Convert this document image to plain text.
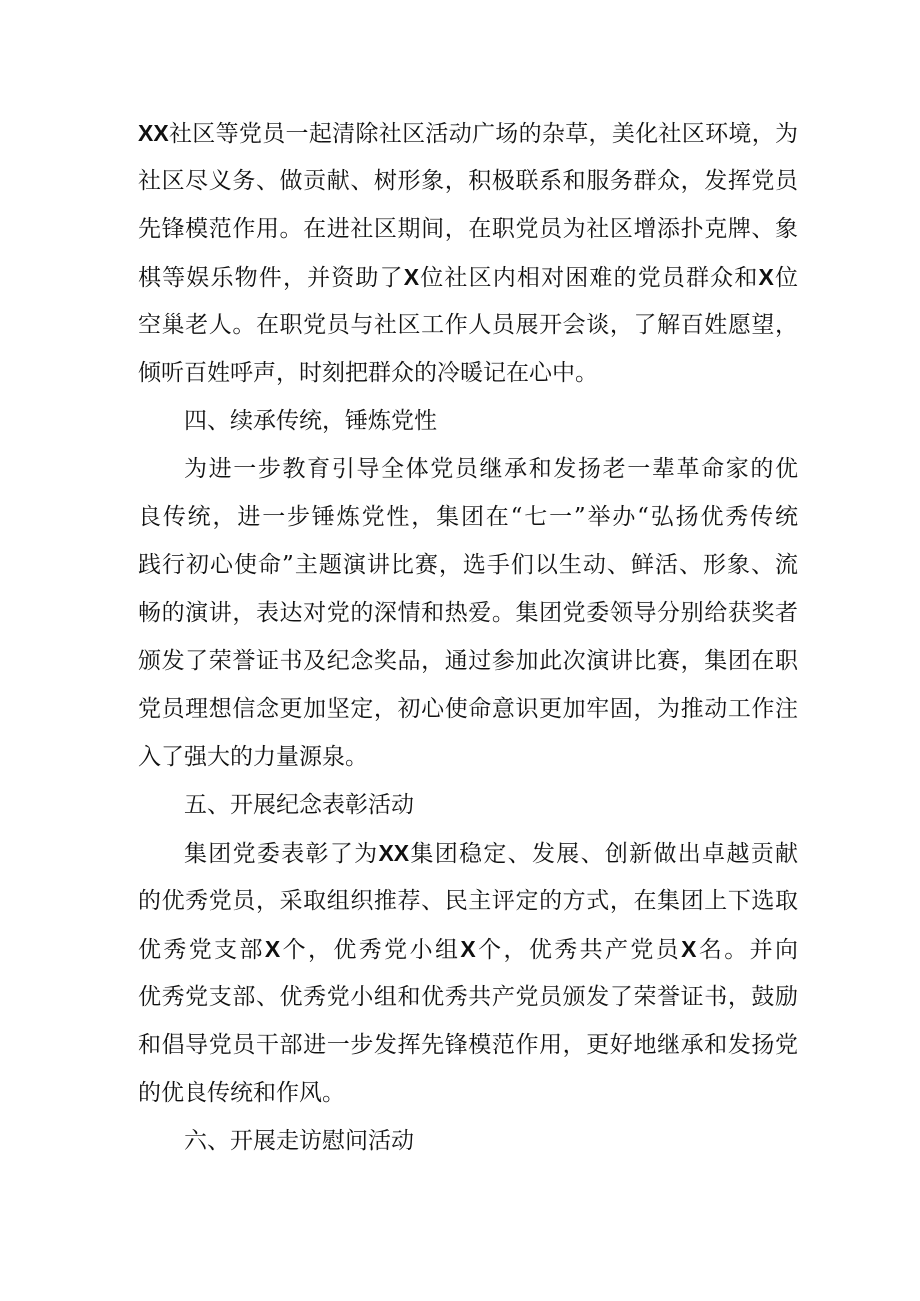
XX社区等党员一起清除社区活动广场的杂草，美化社区环境，为
社区尽义务、做贡献、树形象，积极联系和服务群众，发挥党员
先锋模范作用。在进社区期间，在职党员为社区增添扑克牌、象
棋等娱乐物件，并资助了X位社区内相对困难的党员群众和X位
空巢老人。在职党员与社区工作人员展开会谈，了解百姓愿望，
倾听百姓呼声，时刻把群众的冷暖记在心中。
四、续承传统，锤炼党性
为进一步教育引导全体党员继承和发扬老一辈革命家的优
良传统，进一步锤炼党性，集团在“七一”举办“弘扬优秀传统
践行初心使命”主题演讲比赛，选手们以生动、鲜活、形象、流
畅的演讲，表达对党的深情和热爱。集团党委领导分别给获奖者
颁发了荣誉证书及纪念奖品，通过参加此次演讲比赛，集团在职
党员理想信念更加坚定，初心使命意识更加牢固，为推动工作注
入了强大的力量源泉。
五、开展纪念表彰活动
集团党委表彰了为XX集团稳定、发展、创新做出卓越贡献
的优秀党员，采取组织推荐、民主评定的方式，在集团上下选取
优秀党支部X个，优秀党小组X个，优秀共产党员X名。并向
优秀党支部、优秀党小组和优秀共产党员颁发了荣誉证书，鼓励
和倡导党员干部进一步发挥先锋模范作用，更好地继承和发扬党
的优良传统和作风。
六、开展走访慰问活动
